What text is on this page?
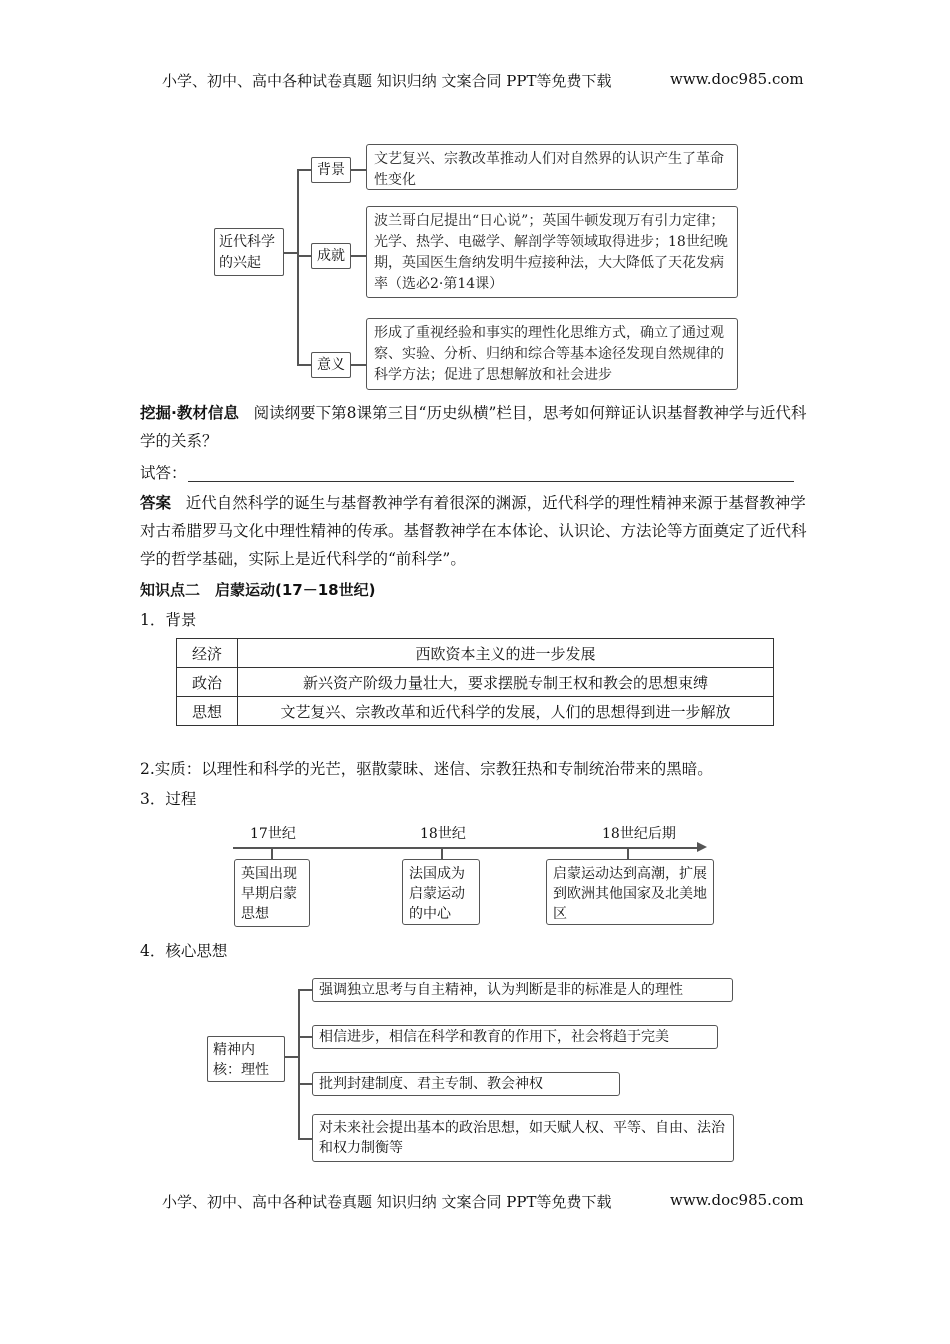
小学、初中、高中各种试卷真题 知识归纳 文案合同 PPT等免费下载	www.doc985.com
近代科学的兴起
背景
文艺复兴、宗教改革推动人们对自然界的认识产生了革命性变化
成就
波兰哥白尼提出“日心说”；英国牛顿发现万有引力定律；光学、热学、电磁学、解剖学等领域取得进步；18世纪晚期，英国医生詹纳发明牛痘接种法，大大降低了天花发病率（选必2·第14课）
意义
形成了重视经验和事实的理性化思维方式，确立了通过观察、实验、分析、归纳和综合等基本途径发现自然规律的科学方法；促进了思想解放和社会进步
挖掘·教材信息 阅读纲要下第8课第三目“历史纵横”栏目，思考如何辩证认识基督教神学与近代科学的关系？
试答：
答案 近代自然科学的诞生与基督教神学有着很深的渊源，近代科学的理性精神来源于基督教神学对古希腊罗马文化中理性精神的传承。基督教神学在本体论、认识论、方法论等方面奠定了近代科学的哲学基础，实际上是近代科学的“前科学”。
知识点二　启蒙运动(17－18世纪)
1．背景
经济	西欧资本主义的进一步发展
政治	新兴资产阶级力量壮大，要求摆脱专制王权和教会的思想束缚
思想	文艺复兴、宗教改革和近代科学的发展，人们的思想得到进一步解放
2.实质：以理性和科学的光芒，驱散蒙昧、迷信、宗教狂热和专制统治带来的黑暗。
3．过程
17世纪	18世纪	18世纪后期
英国出现早期启蒙思想
法国成为启蒙运动的中心
启蒙运动达到高潮，扩展到欧洲其他国家及北美地区
4．核心思想
精神内核：理性
强调独立思考与自主精神，认为判断是非的标准是人的理性
相信进步，相信在科学和教育的作用下，社会将趋于完美
批判封建制度、君主专制、教会神权
对未来社会提出基本的政治思想，如天赋人权、平等、自由、法治和权力制衡等
小学、初中、高中各种试卷真题 知识归纳 文案合同 PPT等免费下载	www.doc985.com
